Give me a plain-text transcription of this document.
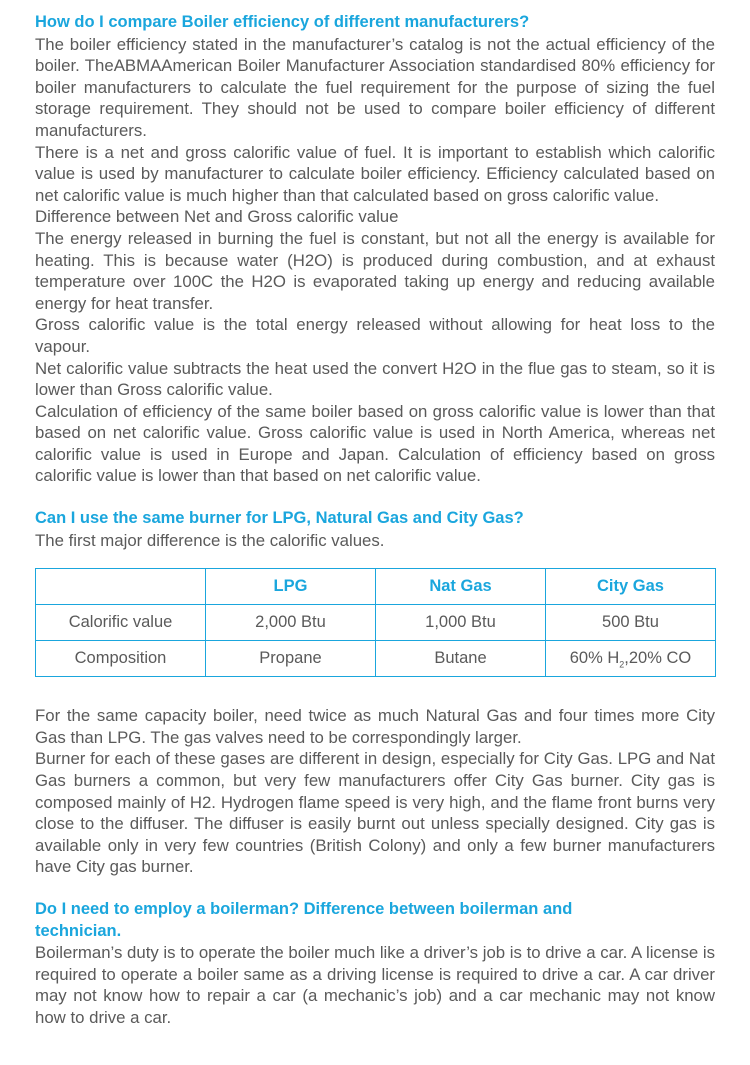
How do I compare Boiler efficiency of different manufacturers?

The boiler efficiency stated in the manufacturer’s catalog is not the actual efficiency of the boiler. TheABMAAmerican Boiler Manufacturer Association standardised 80% efficiency for boiler manufacturers to calculate the fuel requirement for the purpose of sizing the fuel storage requirement. They should not be used to compare boiler efficiency of different manufacturers.

There is a net and gross calorific value of fuel. It is important to establish which calorific value is used by manufacturer to calculate boiler efficiency. Efficiency calculated based on net calorific value is much higher than that calculated based on gross calorific value.

Difference between Net and Gross calorific value

The energy released in burning the fuel is constant, but not all the energy is available for heating. This is because water (H2O) is produced during combustion, and at exhaust temperature over 100C the H2O is evaporated taking up energy and reducing available energy for heat transfer.

Gross calorific value is the total energy released without allowing for heat loss to the vapour.

Net calorific value subtracts the heat used the convert H2O in the flue gas to steam, so it is lower than Gross calorific value.

Calculation of efficiency of the same boiler based on gross calorific value is lower than that based on net calorific value. Gross calorific value is used in North America, whereas net calorific value is used in Europe and Japan. Calculation of efficiency based on gross calorific value is lower than that based on net calorific value.

Can I use the same burner for LPG, Natural Gas and City Gas?

The first major difference is the calorific values.

	LPG	Nat Gas	City Gas
Calorific value	2,000 Btu	1,000 Btu	500 Btu
Composition	Propane	Butane	60% $H_2,20\%$ CO

For the same capacity boiler, need twice as much Natural Gas and four times more City Gas than LPG. The gas valves need to be correspondingly larger.

Burner for each of these gases are different in design, especially for City Gas. LPG and Nat Gas burners a common, but very few manufacturers offer City Gas burner. City gas is composed mainly of H2. Hydrogen flame speed is very high, and the flame front burns very close to the diffuser. The diffuser is easily burnt out unless specially designed. City gas is available only in very few countries (British Colony) and only a few burner manufacturers have City gas burner.

Do I need to employ a boilerman? Difference between boilerman and technician.

Boilerman’s duty is to operate the boiler much like a driver’s job is to drive a car. A license is required to operate a boiler same as a driving license is required to drive a car. A car driver may not know how to repair a car (a mechanic’s job) and a car mechanic may not know how to drive a car.
